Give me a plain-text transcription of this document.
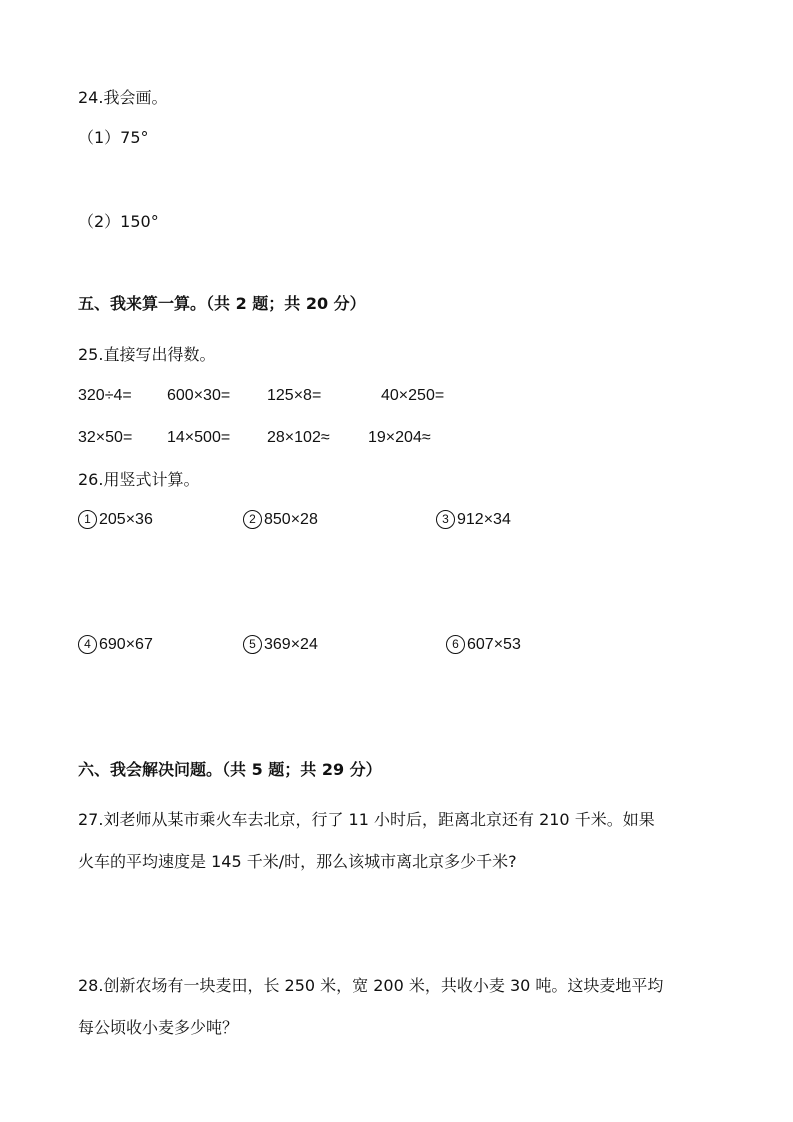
24.我会画。
（1）75°
（2）150°
五、我来算一算。（共 2 题；共 20 分）
25.直接写出得数。
320÷4= 600×30= 125×8=	40×250=
32×50= 14×500= 28×102≈ 19×204≈
26.用竖式计算。
1 205×36	2 850×28	3 912×34
4 690×67	5 369×24	6 607×53
六、我会解决问题。（共 5 题；共 29 分）
27.刘老师从某市乘火车去北京，行了 11 小时后，距离北京还有 210 千米。如果
火车的平均速度是 145 千米/时，那么该城市离北京多少千米?
28.创新农场有一块麦田，长 250 米，宽 200 米，共收小麦 30 吨。这块麦地平均
每公顷收小麦多少吨？
